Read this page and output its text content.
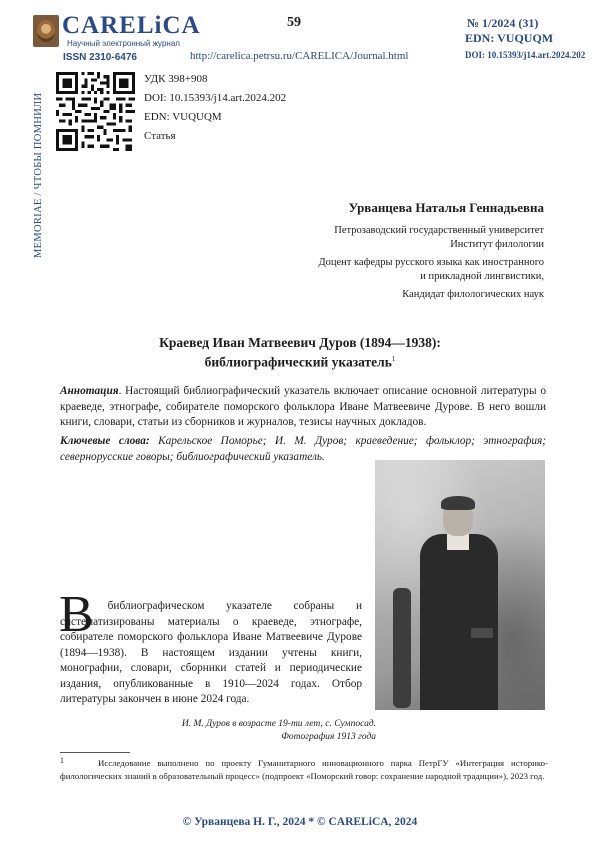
CARELiCA
Научный электронный журнал
ISSN 2310-6476
59
http://carelica.petrsu.ru/CARELICA/Journal.html
№ 1/2024 (31)
EDN: VUQUQM
DOI: 10.15393/j14.art.2024.202
MEMORIAE / ЧТОБЫ ПОМНИЛИ
УДК 398+908
DOI: 10.15393/j14.art.2024.202
EDN: VUQUQM
Статья
Урванцева Наталья Геннадьевна
Петрозаводский государственный университет
Институт филологии
Доцент кафедры русского языка как иностранного
и прикладной лингвистики,
Кандидат филологических наук
Краевед Иван Матвеевич Дуров (1894—1938):
библиографический указатель$^1$
Аннотация. Настоящий библиографический указатель включает описание основной литературы о краеведе, этнографе, собирателе поморского фольклора Иване Матвеевиче Дурове. В него вошли книги, словари, статьи из сборников и журналов, тезисы научных докладов.
Ключевые слова: Карельское Поморье; И. М. Дуров; краеведение; фольклор; этнография; севернорусские говоры; библиографический указатель.
В
библиографическом указателе собраны и систематизированы материалы о краеведе, этнографе, собирателе поморского фольклора Иване Матвеевиче Дурове (1894—1938). В настоящем издании учтены книги, монографии, словари, сборники статей и периодические издания, опубликованные в 1910—2024 годах. Отбор литературы закончен в июне 2024 года.
И. М. Дуров в возрасте 19-ти лет, с. Сумпосад.
Фотография 1913 года
1	Исследование выполнено по проекту Гуманитарного инновационного парка ПетрГУ «Интеграция историко-филологических знаний в образовательный процесс» (подпроект «Поморский говор: сохранение народной традиции»), 2023 год.
© Урванцева Н. Г., 2024 * © CARELiCA, 2024
